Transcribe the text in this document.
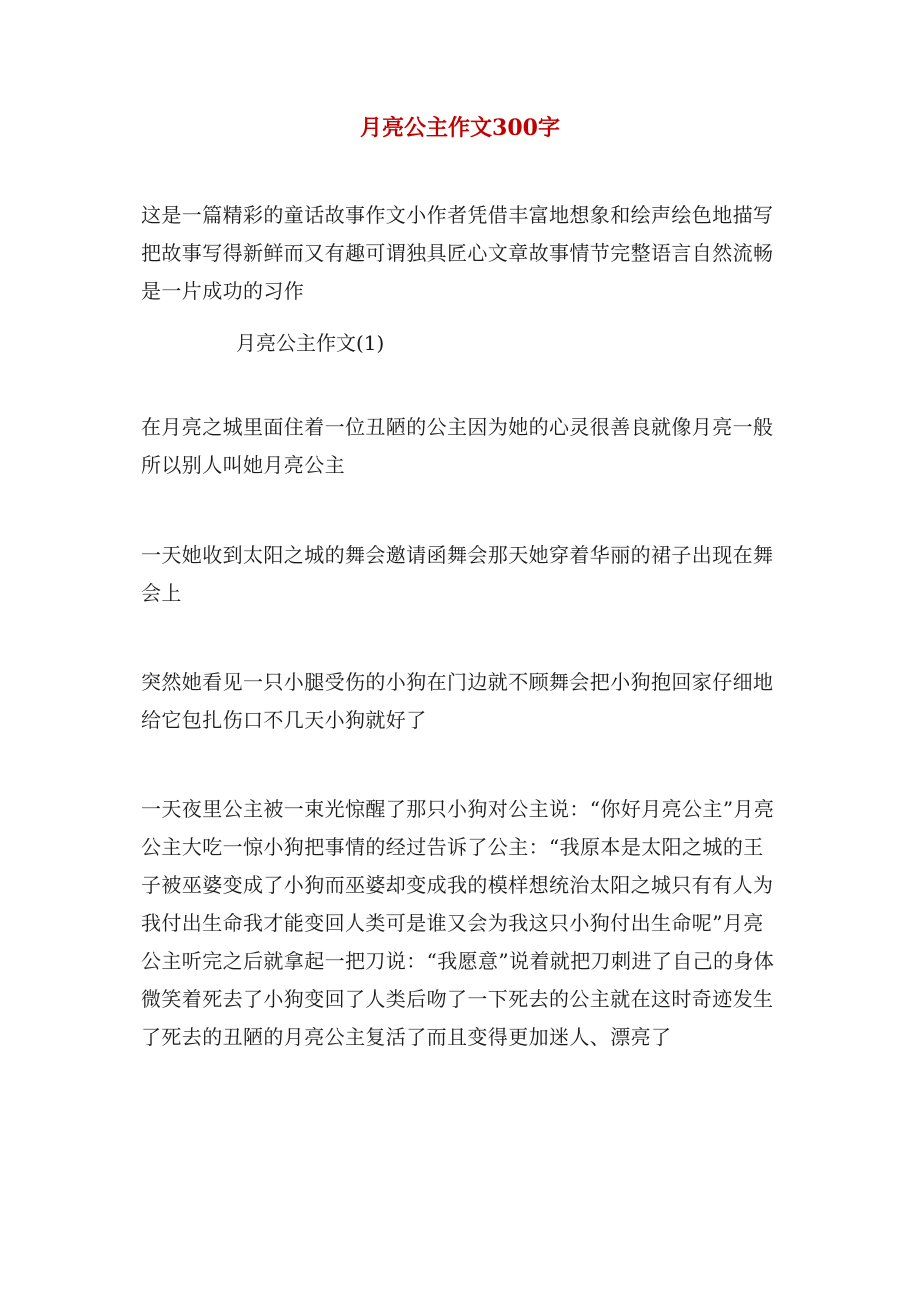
月亮公主作文300字

这是一篇精彩的童话故事作文小作者凭借丰富地想象和绘声绘色地描写把故事写得新鲜而又有趣可谓独具匠心文章故事情节完整语言自然流畅是一片成功的习作

月亮公主作文(1)

在月亮之城里面住着一位丑陋的公主因为她的心灵很善良就像月亮一般所以别人叫她月亮公主

一天她收到太阳之城的舞会邀请函舞会那天她穿着华丽的裙子出现在舞会上

突然她看见一只小腿受伤的小狗在门边就不顾舞会把小狗抱回家仔细地给它包扎伤口不几天小狗就好了

一天夜里公主被一束光惊醒了那只小狗对公主说：“你好月亮公主”月亮公主大吃一惊小狗把事情的经过告诉了公主：“我原本是太阳之城的王子被巫婆变成了小狗而巫婆却变成我的模样想统治太阳之城只有有人为我付出生命我才能变回人类可是谁又会为我这只小狗付出生命呢”月亮公主听完之后就拿起一把刀说：“我愿意”说着就把刀刺进了自己的身体微笑着死去了小狗变回了人类后吻了一下死去的公主就在这时奇迹发生了死去的丑陋的月亮公主复活了而且变得更加迷人、漂亮了
